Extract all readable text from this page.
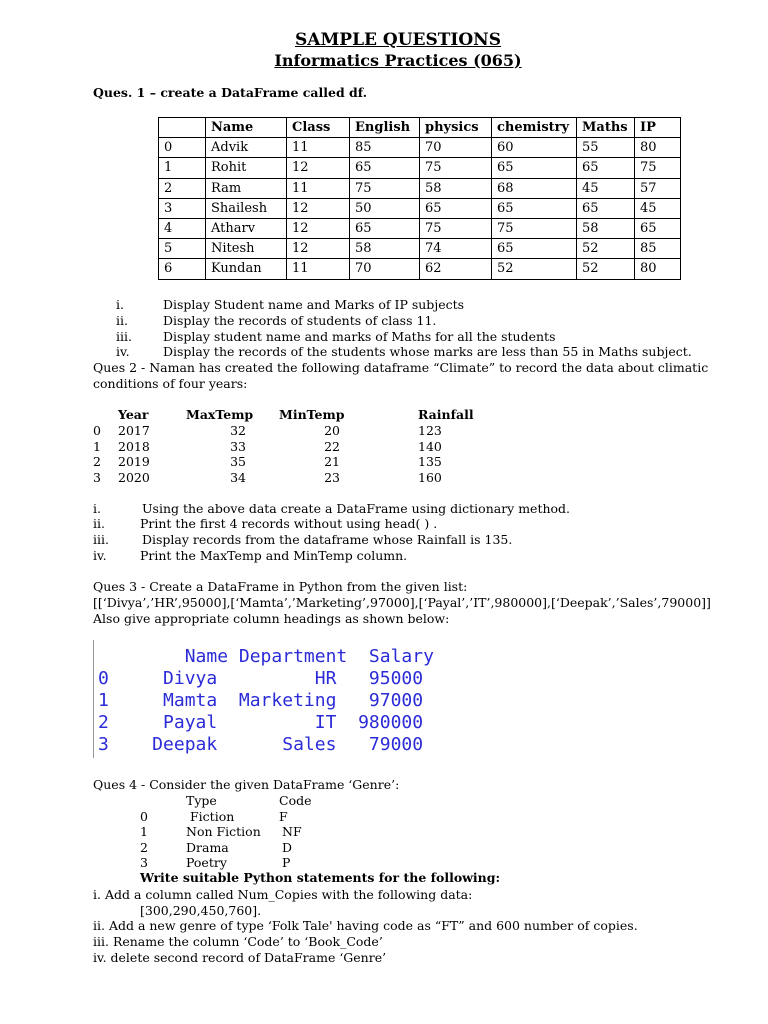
SAMPLE QUESTIONS
Informatics Practices (065)
Ques. 1 – create a DataFrame called df.
	Name	Class	English	physics	chemistry	Maths	IP
0	Advik	11	85	70	60	55	80
1	Rohit	12	65	75	65	65	75
2	Ram	11	75	58	68	45	57
3	Shailesh	12	50	65	65	65	45
4	Atharv	12	65	75	75	58	65
5	Nitesh	12	58	74	65	52	85
6	Kundan	11	70	62	52	52	80
i.	Display Student name and Marks of IP subjects
ii.	Display the records of students of class 11.
iii. Display student name and marks of Maths for all the students
iv.	Display the records of the students whose marks are less than 55 in Maths subject.
Ques 2 - Naman has created the following dataframe “Climate” to record the data about climatic
conditions of four years:
Year	MaxTemp MinTemp	Rainfall
0 2017	32	20	123
1 2018	33	22	140
2 2019	35	21	135
3 2020	34	23	160
i.	Using the above data create a DataFrame using dictionary method.
ii.	Print the first 4 records without using head( ) .
iii.	Display records from the dataframe whose Rainfall is 135.
iv.	Print the MaxTemp and MinTemp column.
Ques 3 - Create a DataFrame in Python from the given list:
[[‘Divya’,’HR’,95000],[‘Mamta’,’Marketing’,97000],[‘Payal’,’IT’,980000],[‘Deepak’,’Sales’,79000]]
Also give appropriate column headings as shown below:
Name Department  Salary
0     Divya         HR   95000
1     Mamta  Marketing   97000
2     Payal         IT  980000
3    Deepak      Sales   79000
Ques 4 - Consider the given DataFrame ‘Genre’:
Type	Code
0	Fiction	F
1	Non Fiction NF
2	Drama	D
3	Poetry	P
Write suitable Python statements for the following:
i. Add a column called Num_Copies with the following data:
[300,290,450,760].
ii. Add a new genre of type ‘Folk Tale' having code as “FT” and 600 number of copies.
iii. Rename the column ‘Code’ to ‘Book_Code’
iv. delete second record of DataFrame ‘Genre’
